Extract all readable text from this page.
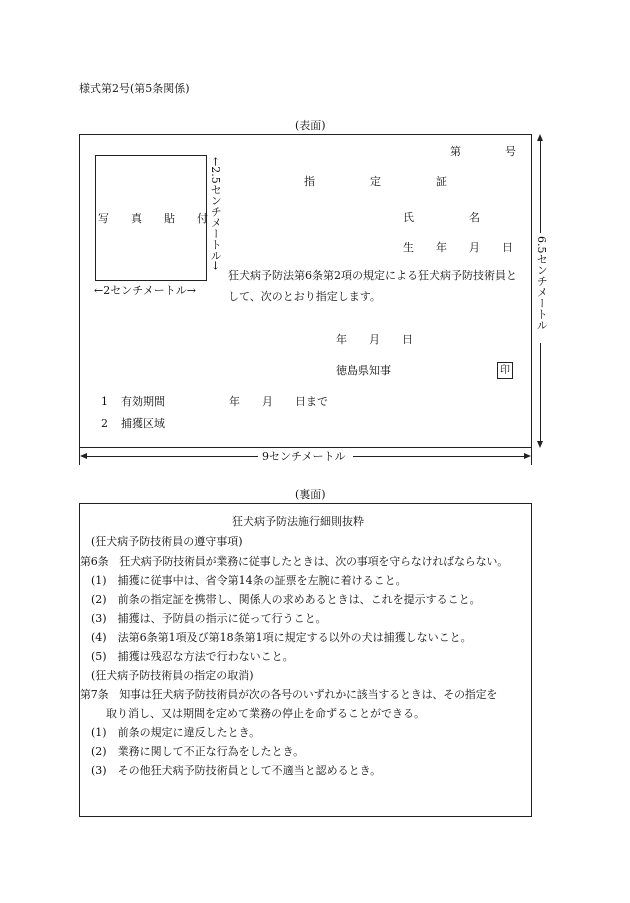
様式第2号(第5条関係)
(表面)
第　　　　号
指　　　　　定　　　　　証
写　　真　　貼　　付 ←2.5センチメートル→
←2センチメートル→
氏　　　　　名
生　　年　　月　　日
狂犬病予防法第6条第2項の規定による狂犬病予防技術員と
して、次のとおり指定します。
年　　月　　日
徳島県知事	印
1 有効期間	年　　月　　日まで
2 捕獲区域
9センチメートル
6.5センチメートル
(裏面)
狂犬病予防法施行細則抜粋
(狂犬病予防技術員の遵守事項)
第6条　狂犬病予防技術員が業務に従事したときは、次の事項を守らなければならない。
(1)　捕獲に従事中は、省令第14条の証票を左腕に着けること。
(2)　前条の指定証を携帯し、関係人の求めあるときは、これを提示すること。
(3)　捕獲は、予防員の指示に従って行うこと。
(4)　法第6条第1項及び第18条第1項に規定する以外の犬は捕獲しないこと。
(5)　捕獲は残忍な方法で行わないこと。
(狂犬病予防技術員の指定の取消)
第7条　知事は狂犬病予防技術員が次の各号のいずれかに該当するときは、その指定を
取り消し、又は期間を定めて業務の停止を命ずることができる。
(1)　前条の規定に違反したとき。
(2)　業務に関して不正な行為をしたとき。
(3)　その他狂犬病予防技術員として不適当と認めるとき。
